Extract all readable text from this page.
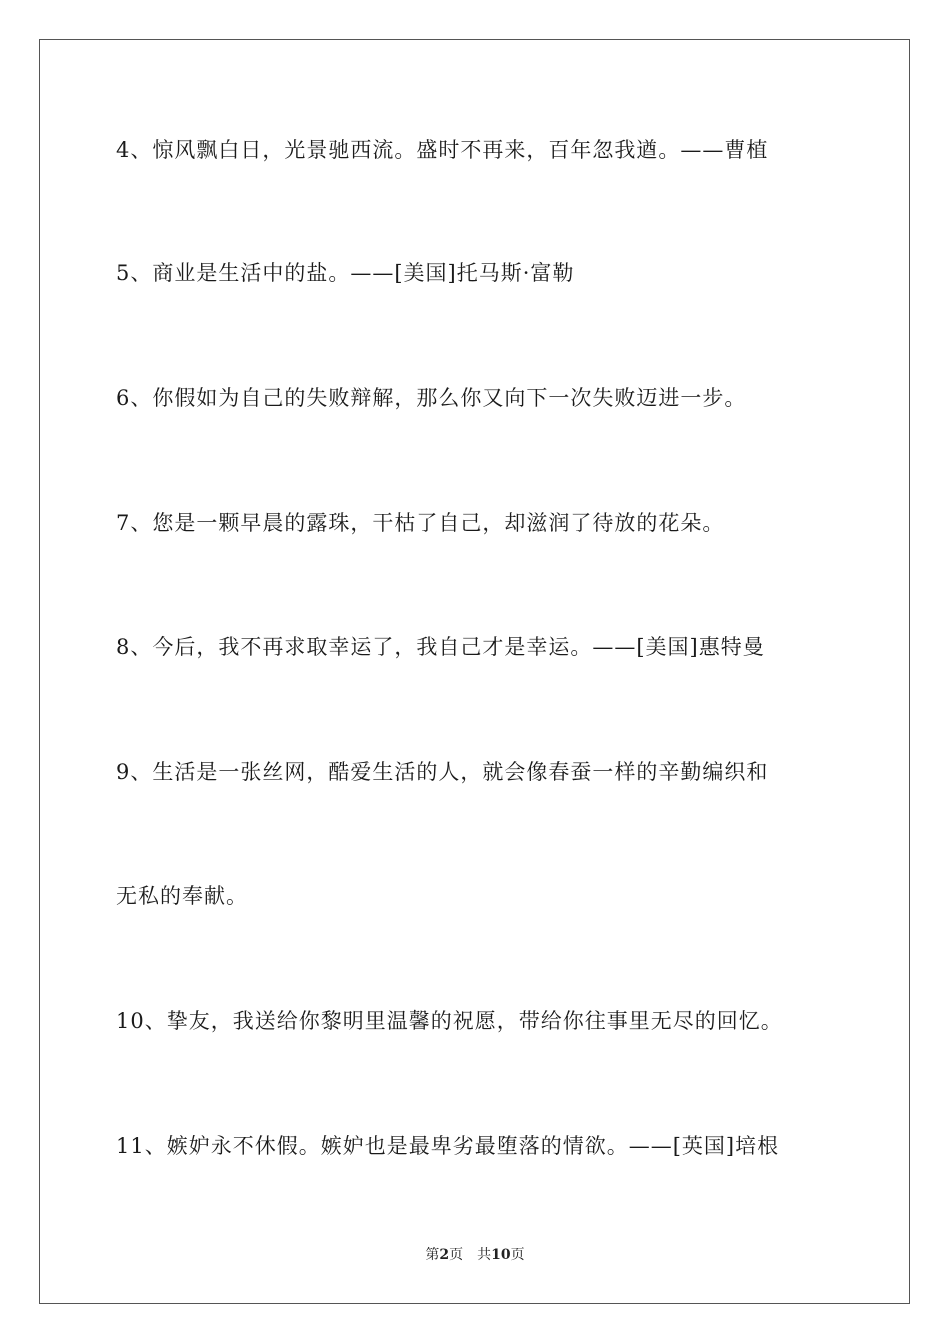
4、惊风飘白日，光景驰西流。盛时不再来，百年忽我遒。——曹植
5、商业是生活中的盐。——[美国]托马斯·富勒
6、你假如为自己的失败辩解，那么你又向下一次失败迈进一步。
7、您是一颗早晨的露珠，干枯了自己，却滋润了待放的花朵。
8、今后，我不再求取幸运了，我自己才是幸运。——[美国]惠特曼
9、生活是一张丝网，酷爱生活的人，就会像春蚕一样的辛勤编织和
无私的奉献。
10、挚友，我送给你黎明里温馨的祝愿，带给你往事里无尽的回忆。
11、嫉妒永不休假。嫉妒也是最卑劣最堕落的情欲。——[英国]培根
第2页 共10页
